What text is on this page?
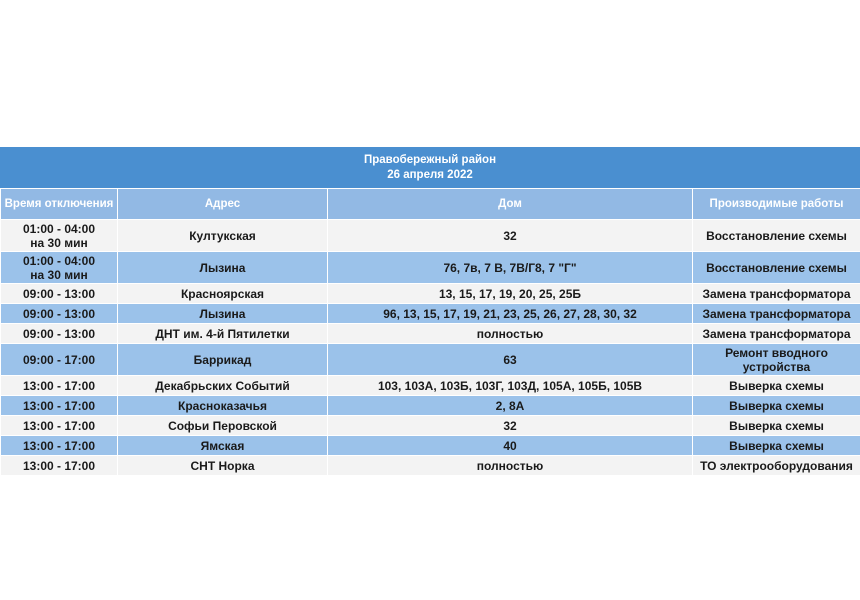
Правобережный район
26 апреля 2022
Время отключения	Адрес	Дом	Производимые работы

01:00 - 04:00
на 30 мин	Култукская	32	Восстановление схемы

01:00 - 04:00
на 30 мин	Лызина	76, 7в, 7 В, 7В/Г8, 7 "Г"	Восстановление схемы

09:00 - 13:00	Красноярская	13, 15, 17, 19, 20, 25, 25Б	Замена трансформатора

09:00 - 13:00	Лызина	96, 13, 15, 17, 19, 21, 23, 25, 26, 27, 28, 30, 32	Замена трансформатора

09:00 - 13:00	ДНТ им. 4-й Пятилетки	полностью	Замена трансформатора

09:00 - 17:00	Баррикад	63	Ремонт вводного устройства

13:00 - 17:00	Декабрьских Событий	103, 103А, 103Б, 103Г, 103Д, 105А, 105Б, 105В	Выверка схемы

13:00 - 17:00	Красноказачья	2, 8А	Выверка схемы

13:00 - 17:00	Софьи Перовской	32	Выверка схемы

13:00 - 17:00	Ямская	40	Выверка схемы

13:00 - 17:00	СНТ Норка	полностью	ТО электрооборудования
